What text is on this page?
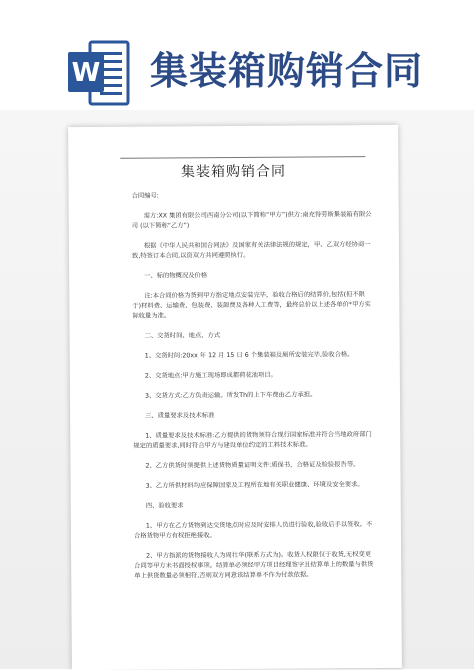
W 集装箱购销合同
集装箱购销合同

合同编号:

需方:XX 集团有限公司西南分公司(以下简称“甲方”)供方:南充得劳斯集装箱有限公司 (以下简称“乙方”)

根据《中华人民共和国合同法》及国家有关法律法规的规定，甲、乙双方经协商一致,特签订本合同,以资双方共同遵照执行。

一、标的物概况及价格

注:本合同价格为货到甲方指定地点安装完毕，验收合格后的结算价,包括(但不限于)材料费、运输费、包装费、装卸费及各种人工费等，最终总价以上述各单价*甲方实际收量为准。

二、交货时间、地点、方式

1、交货时间:20xx 年 12 月 15 日 6 个集装箱及厕所安装完毕,验收合格。

2、交货地点:甲方施工现场即成都荷花池项目。

3、交货方式:乙方负责运输。所发Th的上下车费由乙方承担。

三、质量要求及技术标准

1、质量要求及技术标准:乙方提供的货物须符合现行国家标准并符合当地政府部门规定的质量要求,同时符合甲方与建设单位约定的工料技术标准。

2、乙方供货时须提供上述货物质量证明文件:质保书，合格证及检验报告等。

3、乙方所供材料均应保障国家及工程所在地有关职业健康、环境及安全要求。

四、验收要求

1、甲方在乙方货物到达交货地点时应及时安排人员进行验收,验收后手以签收。不合格货物甲方有权拒绝接收。

2、甲方指派的货物接收人为周壮华(联系方式为)。收货人权限仅于收货,无权变更合同等甲方未书面授权事项。结算单必须经甲方项目经理签字且结算单上的数量与供货单上供货数量必须相符,否则双方同意该结算单不作为付款依据。
